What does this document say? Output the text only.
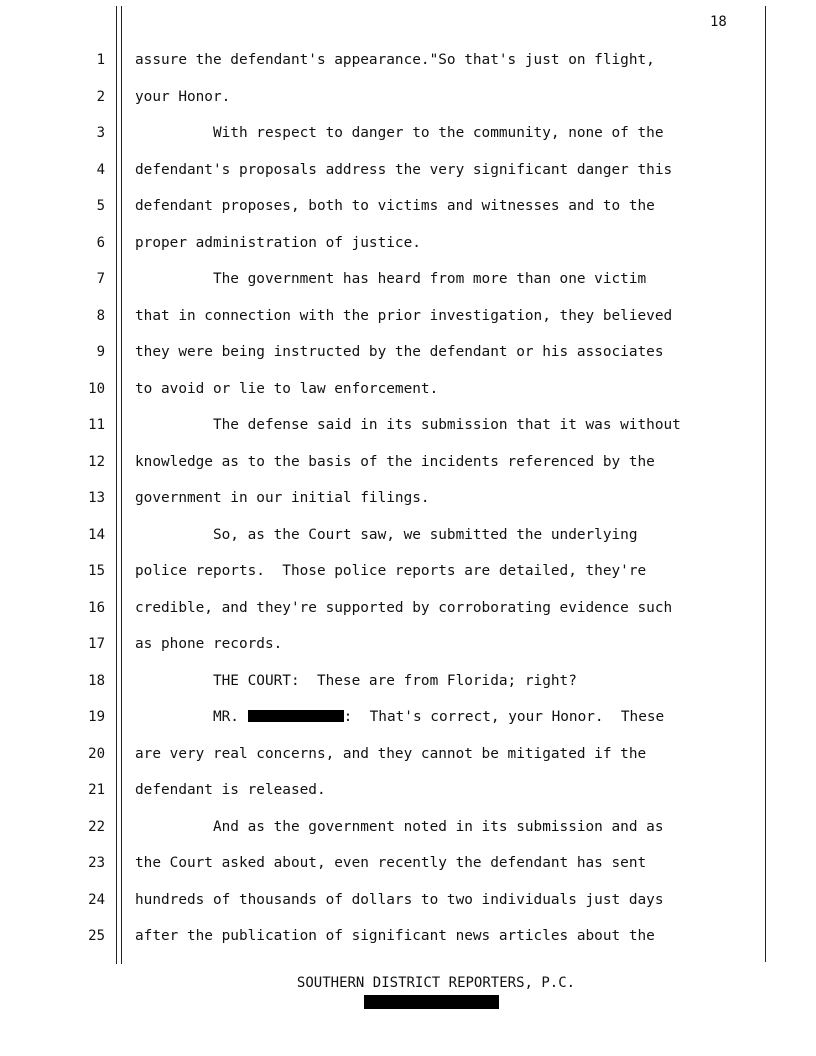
18
1 assure the defendant's appearance."So that's just on flight,
2 your Honor.
3 With respect to danger to the community, none of the
4 defendant's proposals address the very significant danger this
5 defendant proposes, both to victims and witnesses and to the
6 proper administration of justice.
7 The government has heard from more than one victim
8 that in connection with the prior investigation, they believed
9 they were being instructed by the defendant or his associates
10 to avoid or lie to law enforcement.
11 The defense said in its submission that it was without
12 knowledge as to the basis of the incidents referenced by the
13 government in our initial filings.
14 So, as the Court saw, we submitted the underlying
15 police reports.  Those police reports are detailed, they're
16 credible, and they're supported by corroborating evidence such
17 as phone records.
18 THE COURT:  These are from Florida; right?
19 MR.	:  That's correct, your Honor.  These
20 are very real concerns, and they cannot be mitigated if the
21 defendant is released.
22 And as the government noted in its submission and as
23 the Court asked about, even recently the defendant has sent
24 hundreds of thousands of dollars to two individuals just days
25 after the publication of significant news articles about the
SOUTHERN DISTRICT REPORTERS, P.C.
